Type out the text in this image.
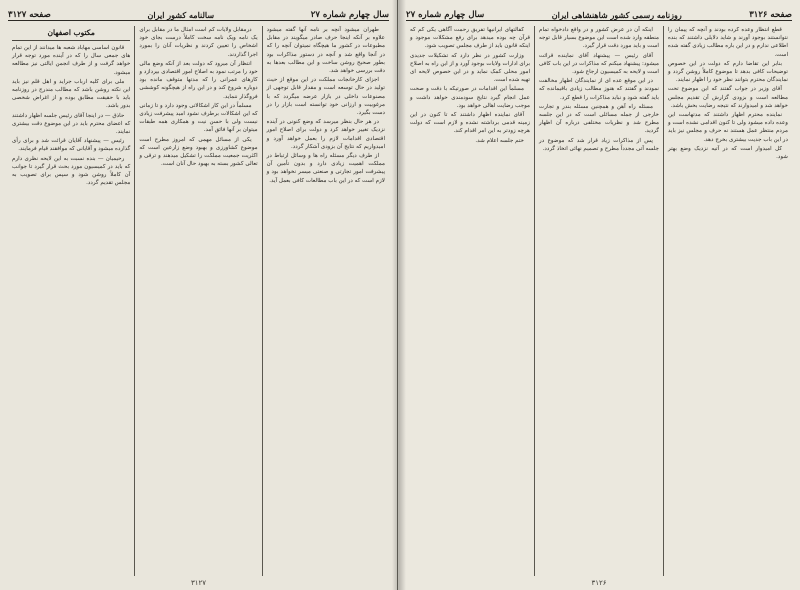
سال چهارم شماره ۲۷
سالنامه کشور ایران
صفحه ۳۱۲۷

طهران میشود آنچه بر نامه آنها گفته میشود علاوه بر آنکه اینجا حرف صادر میگویند در مقابل مطبوعات در کشور ما هیچگاه نمیتوان آنچه را که در آنجا واقع شد و آنچه در دستور مذاکرات بود بطور صحیح روشن ساخت و این مطالب بعدها به دقت بررسی خواهد شد.

اجزای کارخانجات مملکت در این موقع از حیث تولید در حال توسعه است و مقدار قابل توجهی از مصنوعات داخلی در بازار عرضه میگردد که با مرغوبیت و ارزانی خود توانسته است بازار را در دست بگیرد.

در هر حال بنظر میرسد که وضع کنونی در آینده نزدیک تغییر خواهد کرد و دولت برای اصلاح امور اقتصادی اقدامات لازم را بعمل خواهد آورد و امیدواریم که نتایج آن بزودی آشکار گردد.

از طرف دیگر مسئله راه ها و وسائل ارتباط در مملکت اهمیت زیادی دارد و بدون تأمین آن پیشرفت امور تجارتی و صنعتی میسر نخواهد بود و لازم است که در این باب مطالعات کافی بعمل آید.

درمقابل ولایات کم است امثال ما در مقابل برای یک نامه ویک نامه سخت کاملاً درست بجای خود اشخاص را تعیین کردند و نظریات آنان را بمورد اجرا گذاردند.

انتظار آن میرود که دولت بعد از آنکه وضع مالی خود را مرتب نمود به اصلاح امور اقتصادی بپردازد و کارهای عمرانی را که مدتها متوقف مانده بود دوباره شروع کند و در این راه از هیچگونه کوششی فروگذار ننماید.

مسلماً در این کار اشکالاتی وجود دارد و تا زمانی که این اشکالات برطرف نشود امید پیشرفت زیادی نیست ولی با حسن نیت و همکاری همه طبقات میتوان بر آنها فائق آمد.

یکی از مسائل مهمی که امروز مطرح است موضوع کشاورزی و بهبود وضع زارعین است که اکثریت جمعیت مملکت را تشکیل میدهند و ترقی و تعالی کشور بسته به بهبود حال آنان است.

مکتوب اصفهان

قانون اساسی مهاباد شعبه ها میدانند از این تمام های جمعی سال را که در آینده مورد توجه قرار خواهد گرفت و از طرف انجمن ایالتی نیز مطالعه میشود.

ملی برای کلیه ارباب جراید و اهل قلم نیز باید این نکته روشن باشد که مطالب مندرج در روزنامه باید با حقیقت مطابق بوده و از اغراض شخصی بدور باشد.

حاذق — در اینجا آقای رئیس جلسه اظهار داشتند که اعضای محترم باید در این موضوع دقت بیشتری نمایند.

رئیس — پیشنهاد آقایان قرائت شد و برای رأی گذارده میشود و آقایانی که موافقند قیام فرمایند.

رحیمیان — بنده نسبت به این لایحه نظری دارم که باید در کمیسیون مورد بحث قرار گیرد تا جوانب آن کاملاً روشن شود و سپس برای تصویب به مجلس تقدیم گردد.

۳۱۲۷
صفحه ۳۱۲۶
روزنامه رسمی کشور شاهنشاهی ایران
سال چهارم شماره ۲۷

قطع انتظار وعده کرده بودند و آنچه که پیمان را نتوانستند بوجود آورند و شاید دلایلی داشتند که بنده اطلاعی ندارم و در این باره مطالب زیادی گفته شده است.

بنابر این تقاضا دارم که دولت در این خصوص توضیحات کافی بدهد تا موضوع کاملاً روشن گردد و نمایندگان محترم بتوانند نظر خود را اظهار نمایند.

آقای وزیر در جواب گفتند که این موضوع تحت مطالعه است و بزودی گزارش آن تقدیم مجلس خواهد شد و امیدوارند که نتیجه رضایت بخش باشد.

نماینده محترم اظهار داشتند که مدتهاست این وعده داده میشود ولی تا کنون اقدامی نشده است و مردم منتظر عمل هستند نه حرف و مجلس نیز باید در این باب جدیت بیشتری بخرج دهد.

کل امیدوار است که در آتیه نزدیک وضع بهتر شود.

اینکه آن در عرض کشور و در واقع دادخواه تمام منطقه وارد شده است این موضوع بسیار قابل توجه است و باید مورد دقت قرار گیرد.

آقای رئیس — پیشنهاد آقای نماینده قرائت میشود: پیشنهاد میکنم که مذاکرات در این باب کافی است و لایحه به کمیسیون ارجاع شود.

در این موقع عده ای از نمایندگان اظهار مخالفت نمودند و گفتند که هنوز مطالب زیادی باقیمانده که باید گفته شود و نباید مذاکرات را قطع کرد.

مسئله راه آهن و همچنین مسئله بندر و تجارت خارجی از جمله مسائلی است که در این جلسه مطرح شد و نظریات مختلفی درباره آن اظهار گردید.

پس از مذاکرات زیاد قرار شد که موضوع در جلسه آتی مجدداً مطرح و تصمیم نهائی اتخاذ گردد.

کفالتهای ایرانیها تفریق رحمت آگاهی یکی کم که قرآن چه بوده میدهد برای رفع مشکلات موجود و اینکه قانون باید از طرف مجلس تصویب شود.

وزارت کشور در نظر دارد که تشکیلات جدیدی برای ادارات ولایات بوجود آورد و از این راه به اصلاح امور محلی کمک نماید و در این خصوص لایحه ای تهیه شده است.

مسلماً این اقدامات در صورتیکه با دقت و صحت عمل انجام گیرد نتایج سودمندی خواهد داشت و موجب رضایت اهالی خواهد بود.

آقای نماینده اظهار داشتند که تا کنون در این زمینه قدمی برداشته نشده و لازم است که دولت هرچه زودتر به این امر اقدام کند.

ختم جلسه اعلام شد.

۳۱۲۶
